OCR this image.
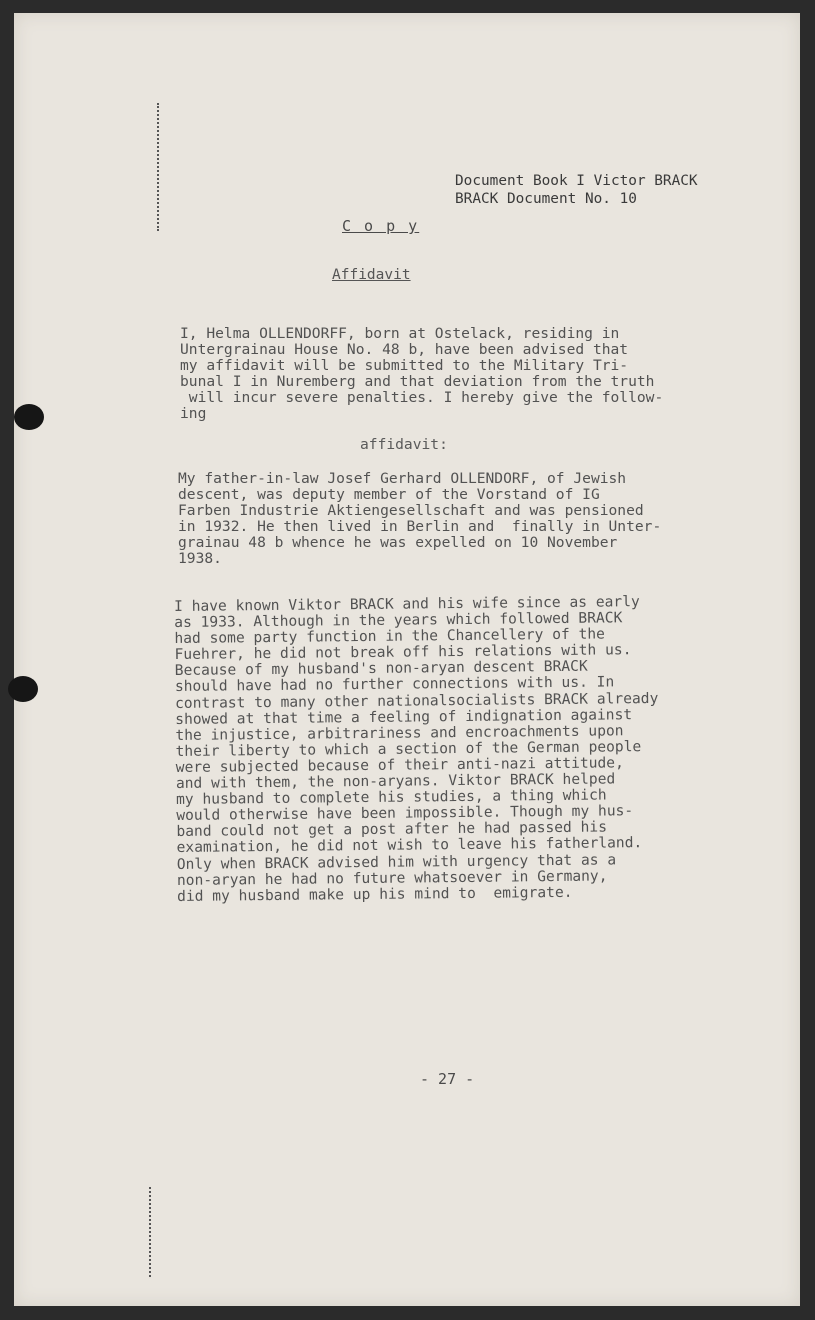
Document Book I Victor BRACK
BRACK Document No. 10
C o p y
Affidavit
I, Helma OLLENDORFF, born at Ostelack, residing in
Untergrainau House No. 48 b, have been advised that
my affidavit will be submitted to the Military Tri-
bunal I in Nuremberg and that deviation from the truth
will incur severe penalties. I hereby give the follow-
ing
affidavit:
My father-in-law Josef Gerhard OLLENDORF, of Jewish
descent, was deputy member of the Vorstand of IG
Farben Industrie Aktiengesellschaft and was pensioned
in 1932. He then lived in Berlin and  finally in Unter-
grainau 48 b whence he was expelled on 10 November
1938.
I have known Viktor BRACK and his wife since as early
as 1933. Although in the years which followed BRACK
had some party function in the Chancellery of the
Fuehrer, he did not break off his relations with us.
Because of my husband's non-aryan descent BRACK
should have had no further connections with us. In
contrast to many other nationalsocialists BRACK already
showed at that time a feeling of indignation against
the injustice, arbitrariness and encroachments upon
their liberty to which a section of the German people
were subjected because of their anti-nazi attitude,
and with them, the non-aryans. Viktor BRACK helped
my husband to complete his studies, a thing which
would otherwise have been impossible. Though my hus-
band could not get a post after he had passed his
examination, he did not wish to leave his fatherland.
Only when BRACK advised him with urgency that as a
non-aryan he had no future whatsoever in Germany,
did my husband make up his mind to  emigrate.
- 27 -
